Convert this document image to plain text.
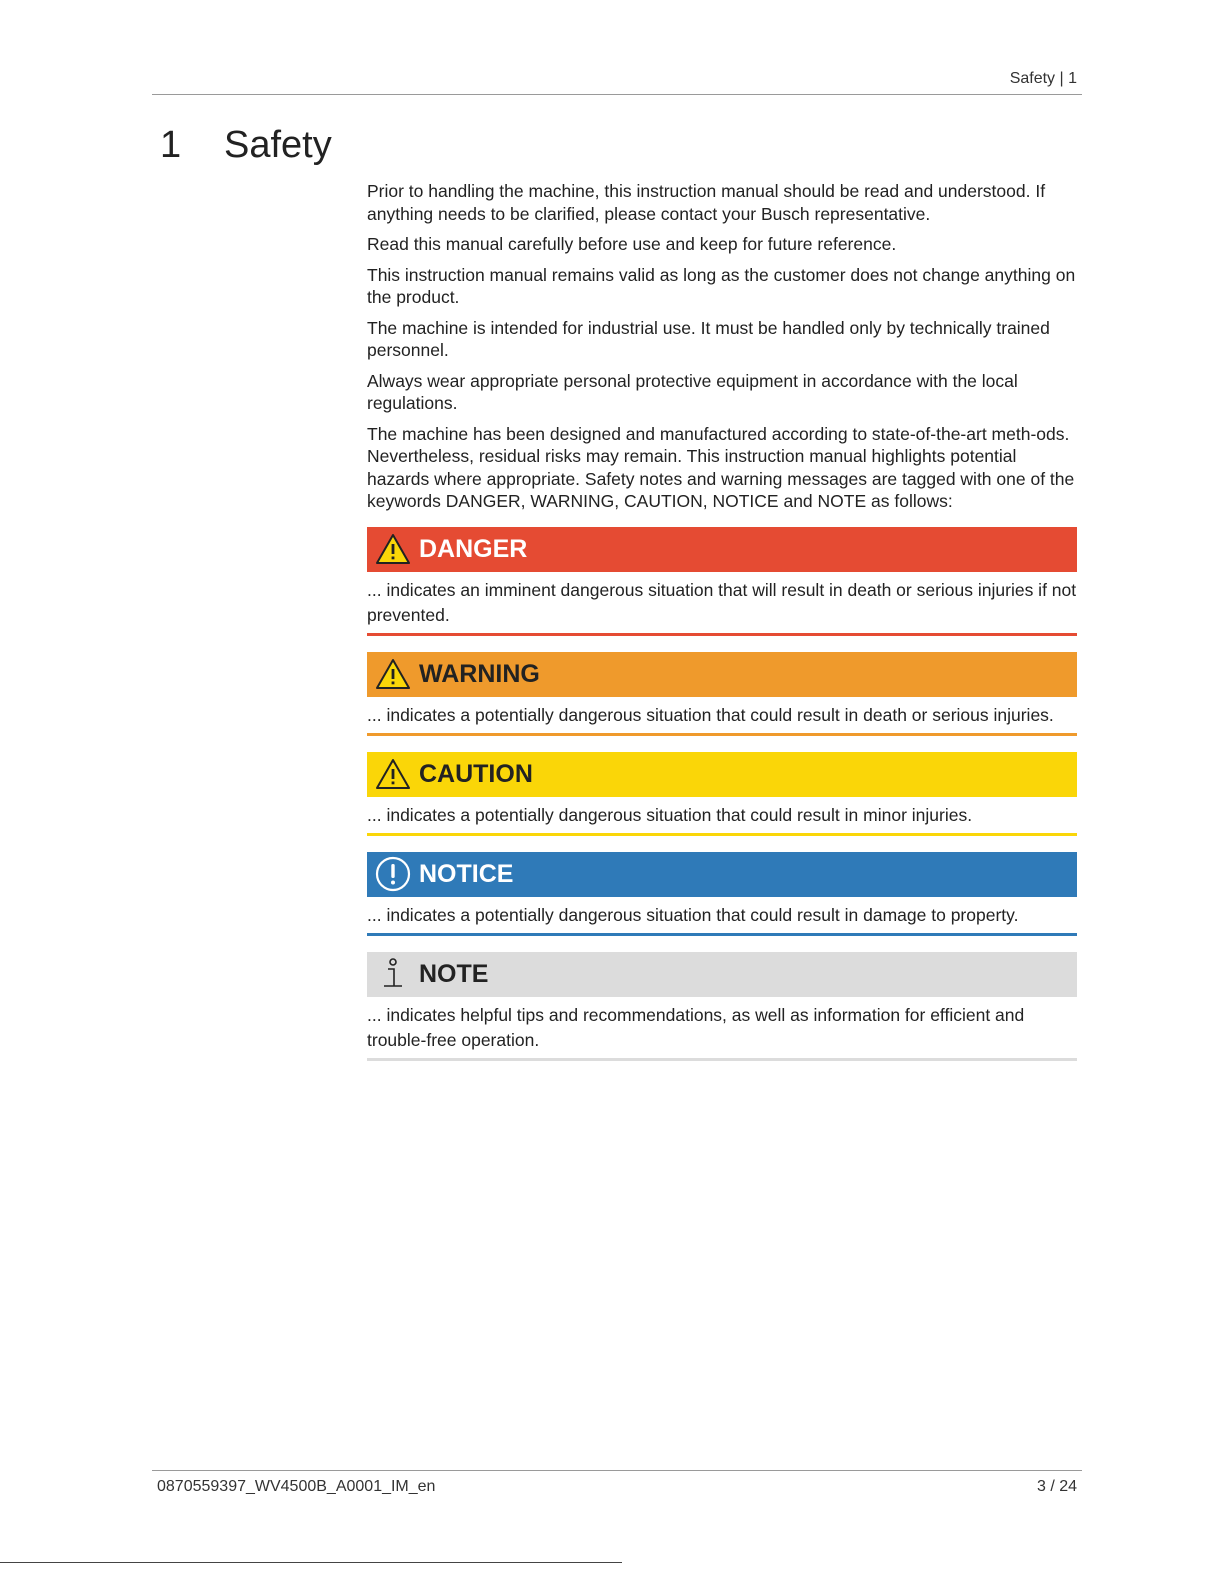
Safety | 1
1 Safety

Prior to handling the machine, this instruction manual should be read and understood. If anything needs to be clarified, please contact your Busch representative.

Read this manual carefully before use and keep for future reference.

This instruction manual remains valid as long as the customer does not change anything on the product.

The machine is intended for industrial use. It must be handled only by technically trained personnel.

Always wear appropriate personal protective equipment in accordance with the local regulations.

The machine has been designed and manufactured according to state-of-the-art meth-ods. Nevertheless, residual risks may remain. This instruction manual highlights potential hazards where appropriate. Safety notes and warning messages are tagged with one of the keywords DANGER, WARNING, CAUTION, NOTICE and NOTE as follows:

DANGER

... indicates an imminent dangerous situation that will result in death or serious injuries if not prevented.

WARNING

... indicates a potentially dangerous situation that could result in death or serious injuries.

CAUTION

... indicates a potentially dangerous situation that could result in minor injuries.

NOTICE

... indicates a potentially dangerous situation that could result in damage to property.

NOTE

... indicates helpful tips and recommendations, as well as information for efficient and trouble-free operation.

0870559397_WV4500B_A0001_IM_en	3 / 24
